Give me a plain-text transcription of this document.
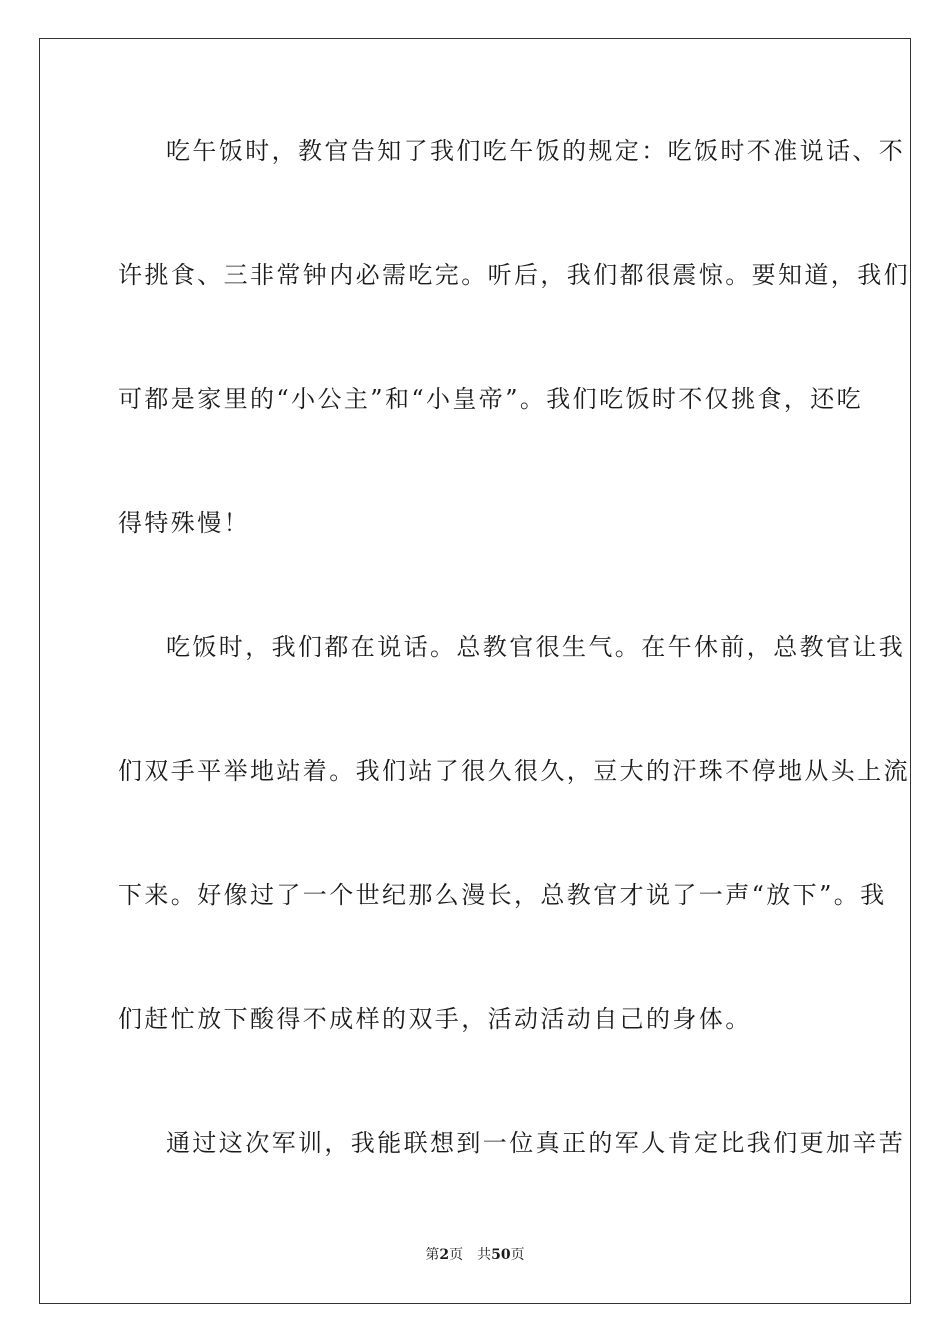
吃午饭时，教官告知了我们吃午饭的规定：吃饭时不准说话、不
许挑食、三非常钟内必需吃完。听后，我们都很震惊。要知道，我们
可都是家里的“小公主”和“小皇帝”。我们吃饭时不仅挑食，还吃
得特殊慢！
吃饭时，我们都在说话。总教官很生气。在午休前，总教官让我
们双手平举地站着。我们站了很久很久，豆大的汗珠不停地从头上流
下来。好像过了一个世纪那么漫长，总教官才说了一声“放下”。我
们赶忙放下酸得不成样的双手，活动活动自己的身体。
通过这次军训，我能联想到一位真正的军人肯定比我们更加辛苦
第2页 共50页
